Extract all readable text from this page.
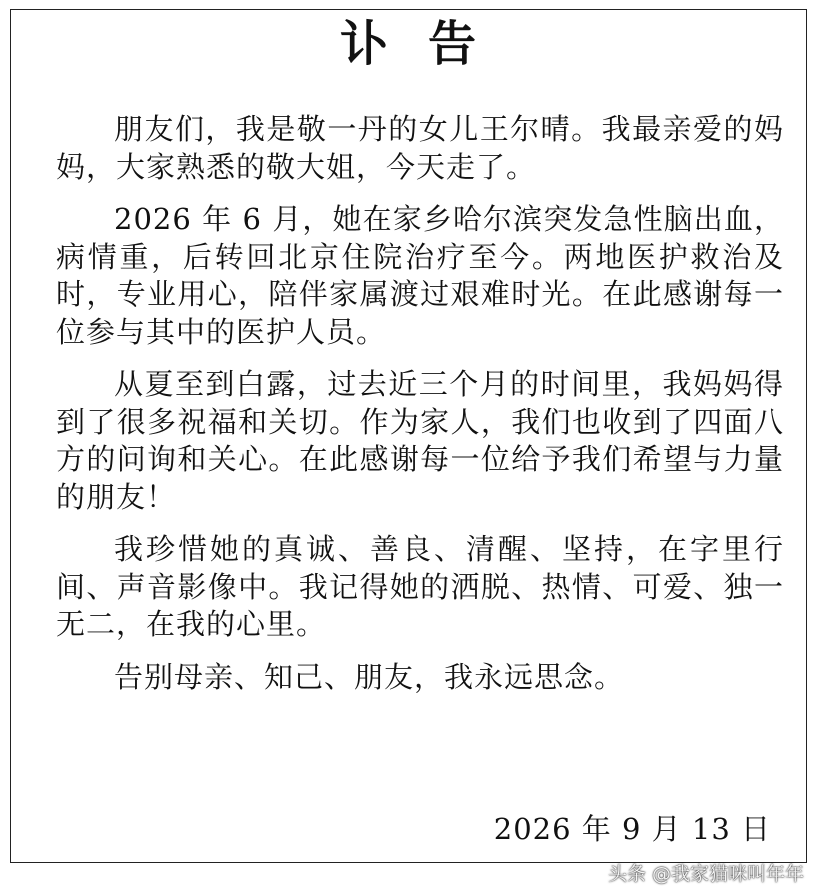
讣告

朋友们，我是敬一丹的女儿王尔晴。我最亲爱的妈妈，大家熟悉的敬大姐，今天走了。

2026 年 6 月，她在家乡哈尔滨突发急性脑出血，病情重，后转回北京住院治疗至今。两地医护救治及时，专业用心，陪伴家属渡过艰难时光。在此感谢每一位参与其中的医护人员。

从夏至到白露，过去近三个月的时间里，我妈妈得到了很多祝福和关切。作为家人，我们也收到了四面八方的问询和关心。在此感谢每一位给予我们希望与力量的朋友！

我珍惜她的真诚、善良、清醒、坚持，在字里行间、声音影像中。我记得她的洒脱、热情、可爱、独一无二，在我的心里。

告别母亲、知己、朋友，我永远思念。

2026 年 9 月 13 日

头条 @我家猫咪叫年年
